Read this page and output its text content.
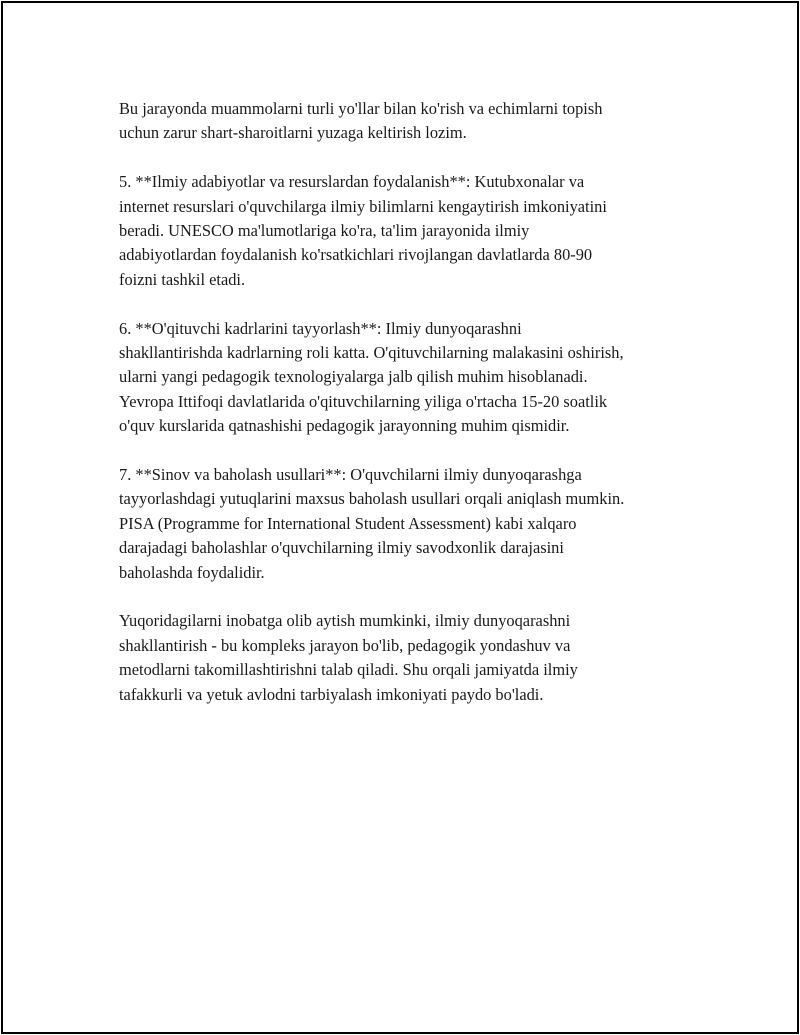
Bu jarayonda muammolarni turli yo'llar bilan ko'rish va echimlarni topish
uchun zarur shart-sharoitlarni yuzaga keltirish lozim.

5. **Ilmiy adabiyotlar va resurslardan foydalanish**: Kutubxonalar va
internet resurslari o'quvchilarga ilmiy bilimlarni kengaytirish imkoniyatini
beradi. UNESCO ma'lumotlariga ko'ra, ta'lim jarayonida ilmiy
adabiyotlardan foydalanish ko'rsatkichlari rivojlangan davlatlarda 80-90
foizni tashkil etadi.

6. **O'qituvchi kadrlarini tayyorlash**: Ilmiy dunyoqarashni
shakllantirishda kadrlarning roli katta. O'qituvchilarning malakasini oshirish,
ularni yangi pedagogik texnologiyalarga jalb qilish muhim hisoblanadi.
Yevropa Ittifoqi davlatlarida o'qituvchilarning yiliga o'rtacha 15-20 soatlik
o'quv kurslarida qatnashishi pedagogik jarayonning muhim qismidir.

7. **Sinov va baholash usullari**: O'quvchilarni ilmiy dunyoqarashga
tayyorlashdagi yutuqlarini maxsus baholash usullari orqali aniqlash mumkin.
PISA (Programme for International Student Assessment) kabi xalqaro
darajadagi baholashlar o'quvchilarning ilmiy savodxonlik darajasini
baholashda foydalidir.

Yuqoridagilarni inobatga olib aytish mumkinki, ilmiy dunyoqarashni
shakllantirish - bu kompleks jarayon bo'lib, pedagogik yondashuv va
metodlarni takomillashtirishni talab qiladi. Shu orqali jamiyatda ilmiy
tafakkurli va yetuk avlodni tarbiyalash imkoniyati paydo bo'ladi.
